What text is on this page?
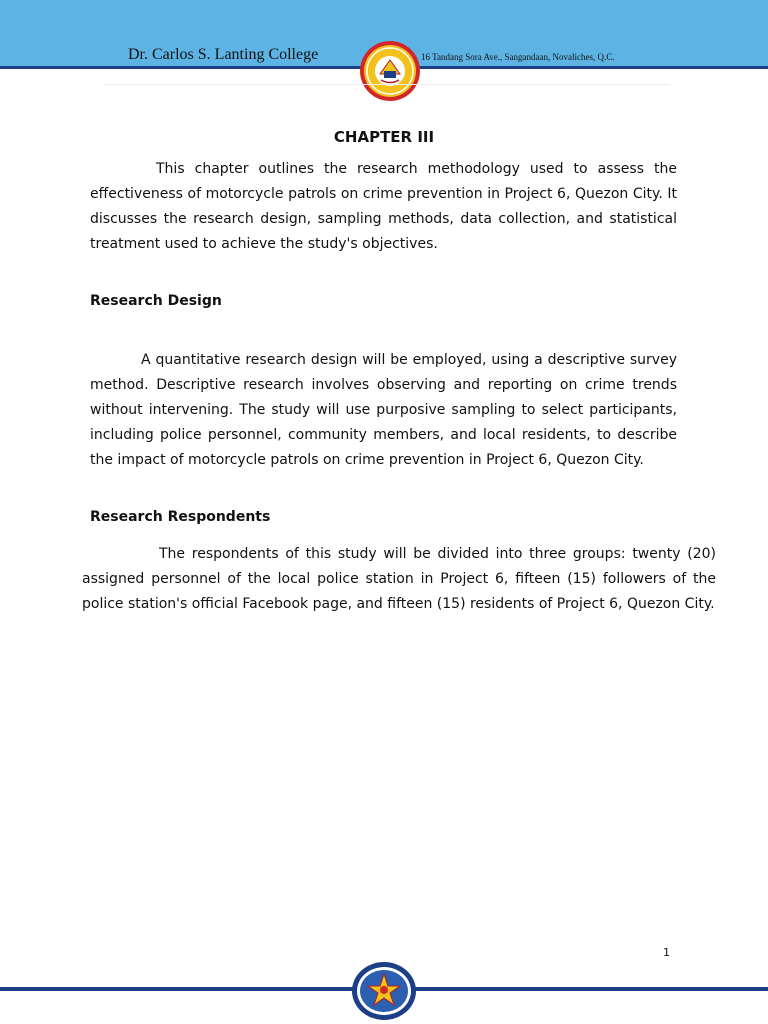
Dr. Carlos S. Lanting College	16 Tandang Sora Ave., Sangandaan, Novaliches, Q.C.
CHAPTER III

This chapter outlines the research methodology used to assess the
effectiveness of motorcycle patrols on crime prevention in Project 6, Quezon City. It
discusses the research design, sampling methods, data collection, and statistical
treatment used to achieve the study's objectives.

Research Design

A quantitative research design will be employed, using a descriptive survey
method. Descriptive research involves observing and reporting on crime trends
without intervening. The study will use purposive sampling to select participants,
including police personnel, community members, and local residents, to describe
the impact of motorcycle patrols on crime prevention in Project 6, Quezon City.

Research Respondents

The respondents of this study will be divided into three groups: twenty (20)
assigned personnel of the local police station in Project 6, fifteen (15) followers of the
police station's official Facebook page, and fifteen (15) residents of Project 6, Quezon City.

1
